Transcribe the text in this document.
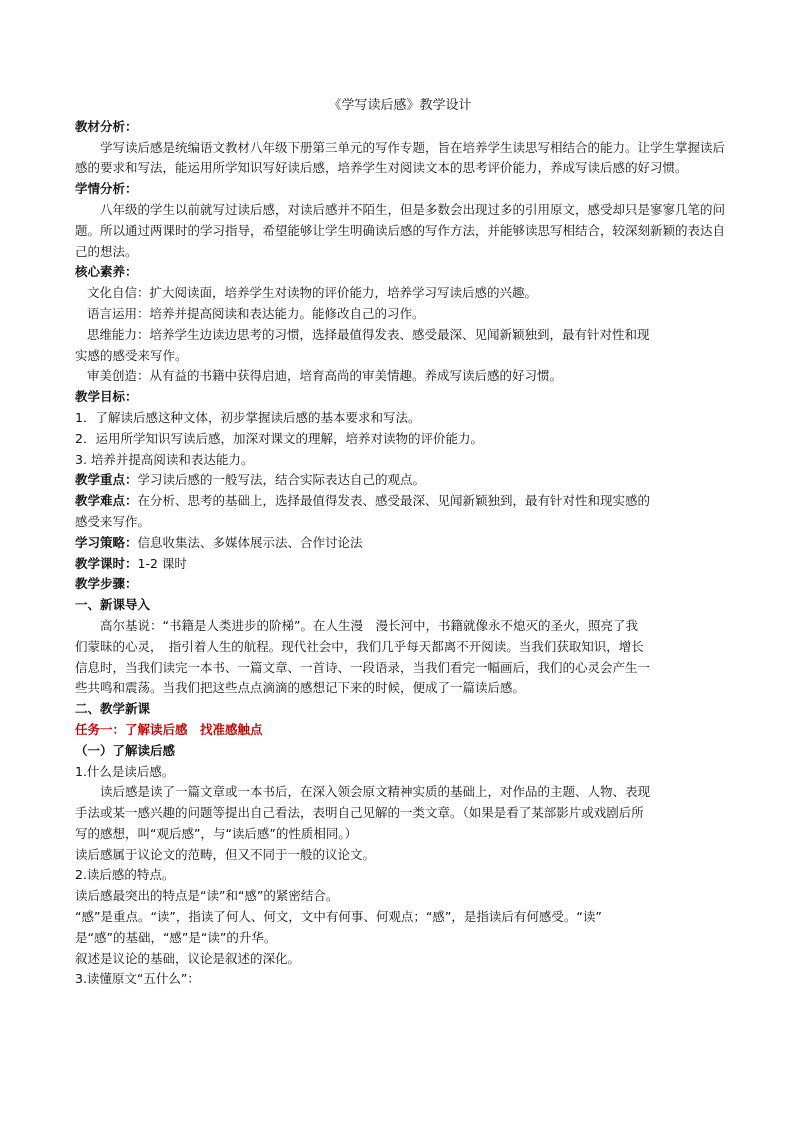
《学写读后感》教学设计
教材分析：
学写读后感是统编语文教材八年级下册第三单元的写作专题，旨在培养学生读思写相结合的能力。让学生掌握读后感的要求和写法，能运用所学知识写好读后感，培养学生对阅读文本的思考评价能力，养成写读后感的好习惯。
学情分析：
八年级的学生以前就写过读后感，对读后感并不陌生，但是多数会出现过多的引用原文，感受却只是寥寥几笔的问题。所以通过两课时的学习指导，希望能够让学生明确读后感的写作方法，并能够读思写相结合，较深刻新颖的表达自己的想法。
核心素养：
文化自信：扩大阅读面，培养学生对读物的评价能力，培养学习写读后感的兴趣。
语言运用：培养并提高阅读和表达能力。能修改自己的习作。
思维能力：培养学生边读边思考的习惯，选择最值得发表、感受最深、见闻新颖独到，最有针对性和现
实感的感受来写作。
审美创造：从有益的书籍中获得启迪，培育高尚的审美情趣。养成写读后感的好习惯。
教学目标：
1．了解读后感这种文体，初步掌握读后感的基本要求和写法。
2．运用所学知识写读后感，加深对课文的理解，培养对读物的评价能力。
3. 培养并提高阅读和表达能力。
教学重点：学习读后感的一般写法，结合实际表达自己的观点。
教学难点：在分析、思考的基础上，选择最值得发表、感受最深、见闻新颖独到，最有针对性和现实感的
感受来写作。
学习策略：信息收集法、多媒体展示法、合作讨论法
教学课时：1-2 课时
教学步骤：
一、新课导入
高尔基说：“书籍是人类进步的阶梯”。在人生漫　漫长河中，书籍就像永不熄灭的圣火，照亮了我
们蒙昧的心灵，　指引着人生的航程。现代社会中，我们几乎每天都离不开阅读。当我们获取知识，增长
信息时，当我们读完一本书、一篇文章、一首诗、一段语录，当我们看完一幅画后，我们的心灵会产生一
些共鸣和震荡。当我们把这些点点滴滴的感想记下来的时候，便成了一篇读后感。
二、教学新课
任务一：了解读后感　找准感触点
（一）了解读后感
1.什么是读后感。
读后感是读了一篇文章或一本书后，在深入领会原文精神实质的基础上，对作品的主题、人物、表现
手法或某一感兴趣的问题等提出自己看法，表明自己见解的一类文章。（如果是看了某部影片或戏剧后所
写的感想，叫“观后感”，与“读后感”的性质相同。）
读后感属于议论文的范畴，但又不同于一般的议论文。
2.读后感的特点。
读后感最突出的特点是“读”和“感”的紧密结合。
“感”是重点。“读”，指读了何人、何文，文中有何事、何观点；“感”，是指读后有何感受。“读”
是“感”的基础，“感”是“读”的升华。
叙述是议论的基础，议论是叙述的深化。
3.读懂原文“五什么”：
